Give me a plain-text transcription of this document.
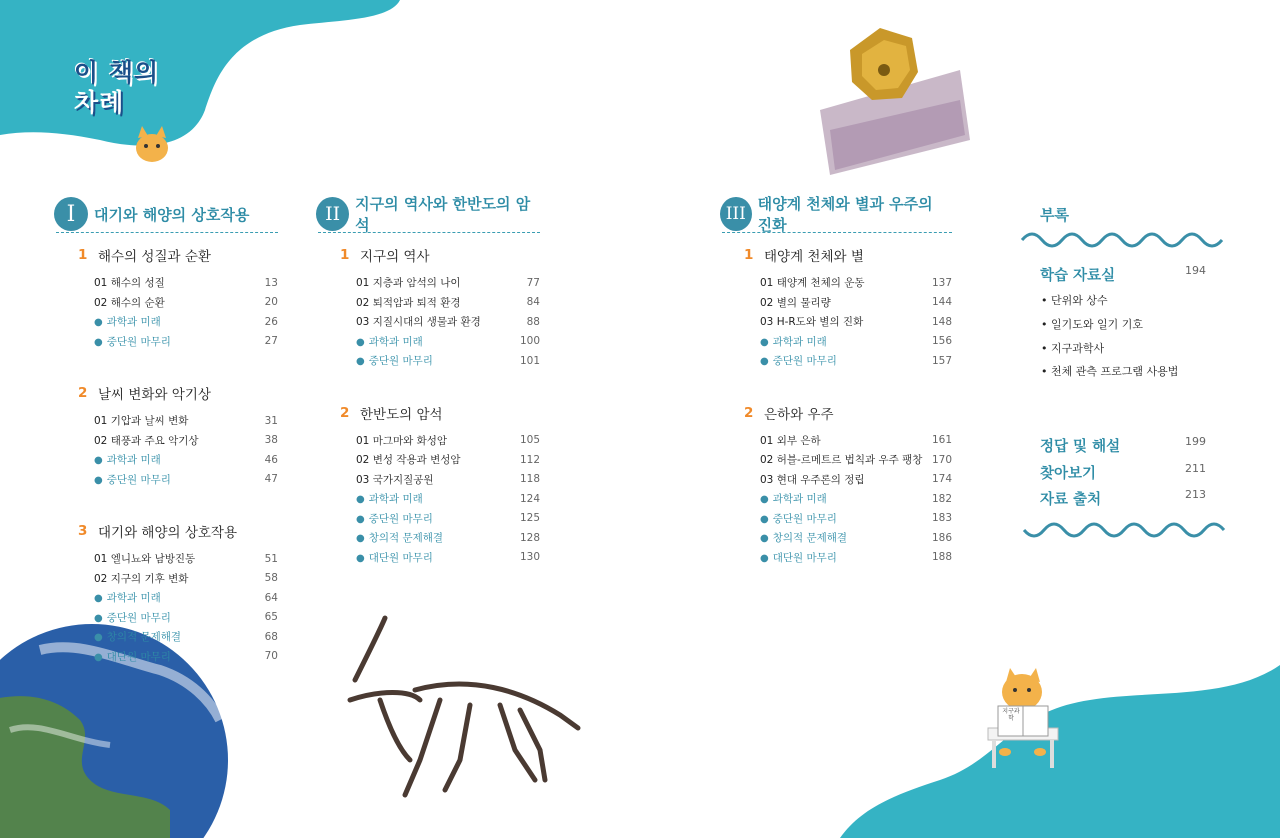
이 책의
차례
지구과학
I	대기와 해양의 상호작용
1 해수의 성질과 순환
01 해수의 성질	13
02 해수의 순환	20
● 과학과 미래	26
● 중단원 마무리	27
2 날씨 변화와 악기상
01 기압과 날씨 변화	31
02 태풍과 주요 악기상	38
● 과학과 미래	46
● 중단원 마무리	47
3 대기와 해양의 상호작용
01 엘니뇨와 남방진동	51
02 지구의 기후 변화	58
● 과학과 미래	64
● 중단원 마무리	65
● 창의적 문제해결	68
● 대단원 마무리	70
II	지구의 역사와 한반도의 암석
1 지구의 역사
01 지층과 암석의 나이	77
02 퇴적암과 퇴적 환경	84
03 지질시대의 생물과 환경	88
● 과학과 미래	100
● 중단원 마무리	101
2 한반도의 암석
01 마그마와 화성암	105
02 변성 작용과 변성암	112
03 국가지질공원	118
● 과학과 미래	124
● 중단원 마무리	125
● 창의적 문제해결	128
● 대단원 마무리	130
III 태양계 천체와 별과 우주의 진화
1 태양계 천체와 별
01 태양계 천체의 운동	137
02 별의 물리량	144
03 H-R도와 별의 진화	148
● 과학과 미래	156
● 중단원 마무리	157
2 은하와 우주
01 외부 은하	161
02 허블-르메트르 법칙과 우주 팽창 170
03 현대 우주론의 정립	174
● 과학과 미래	182
● 중단원 마무리	183
● 창의적 문제해결	186
● 대단원 마무리	188
부록
학습 자료실	194
• 단위와 상수
• 일기도와 일기 기호
• 지구과학사
• 천체 관측 프로그램 사용법
정답 및 해설	199
찾아보기	211
자료 출처	213
